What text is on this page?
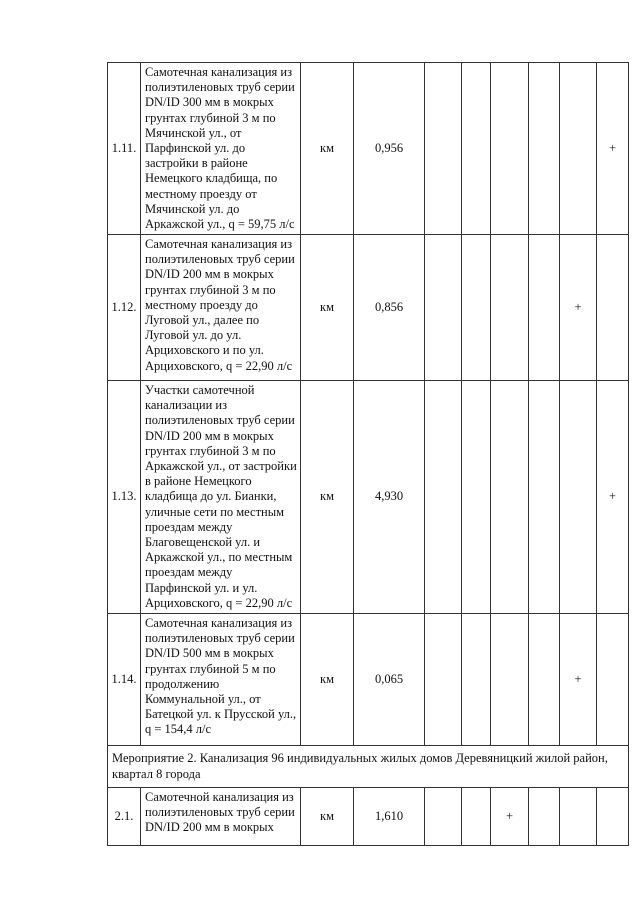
1.11.	Самотечная канализация из полиэтиленовых труб серии DN/ID 300 мм в мокрых грунтах глубиной 3 м по Мячинской ул., от Парфинской ул. до застройки в районе Немецкого кладбища, по местному проезду от Мячинской ул. до Аркажской ул., q = 59,75 л/с	км	0,956						+
1.12.	Самотечная канализация из полиэтиленовых труб серии DN/ID 200 мм в мокрых грунтах глубиной 3 м по местному проезду до Луговой ул., далее по Луговой ул. до ул. Арциховского и по ул. Арциховского, q = 22,90 л/с	км	0,856					+	
1.13.	Участки самотечной канализации из полиэтиленовых труб серии DN/ID 200 мм в мокрых грунтах глубиной 3 м по Аркажской ул., от застройки в районе Немецкого кладбища до ул. Бианки, уличные сети по местным проездам между Благовещенской ул. и Аркажской ул., по местным проездам между Парфинской ул. и ул. Арциховского, q = 22,90 л/с	км	4,930						+
1.14.	Самотечная канализация из полиэтиленовых труб серии DN/ID 500 мм в мокрых грунтах глубиной 5 м по продолжению Коммунальной ул., от Батецкой ул. к Прусской ул., q = 154,4 л/с	км	0,065					+	
Мероприятие 2. Канализация 96 индивидуальных жилых домов Деревяницкий жилой район, квартал 8 города									
2.1.	Самотечной канализация из полиэтиленовых труб серии DN/ID 200 мм в мокрых	км	1,610			+			
